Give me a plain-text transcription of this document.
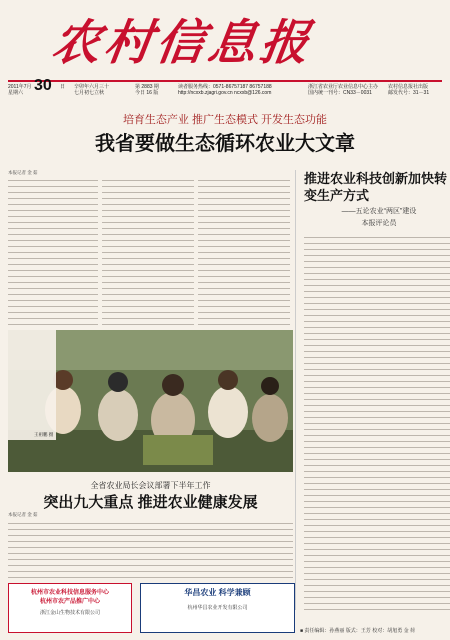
农村信息报
2011年7月
星期六
日 辛卯年六月三十
七月初七立秋
第 2883 期
今日 16 版
读者服务热线：0571-86757187 86757188
http://ncxxb.zjagri.gov.cn ncxxb@126.com
浙江省农业厅农业信息中心主办
国内统一刊号：CN33－0031
农村信息报社出版
邮发代号：31－31
30
培育生态产业 推广生态模式 开发生态功能
我省要做生态循环农业大文章
本报记者 金 茹
王祖鹏 摄
推进农业科技创新加快转变生产方式
——五论农业“两区”建设
本报评论员
全省农业局长会议部署下半年工作
突出九大重点 推进农业健康发展
本报记者 金 茹
杭州市农业科技信息服务中心
杭州市农产品推广中心
浙江金山生物技术有限公司
华昌农业 科学兼顾
杭州华昌农业开发有限公司
■ 责任编辑：孙燕丽 版式：王芳 校对：胡旭勇 金 荷
